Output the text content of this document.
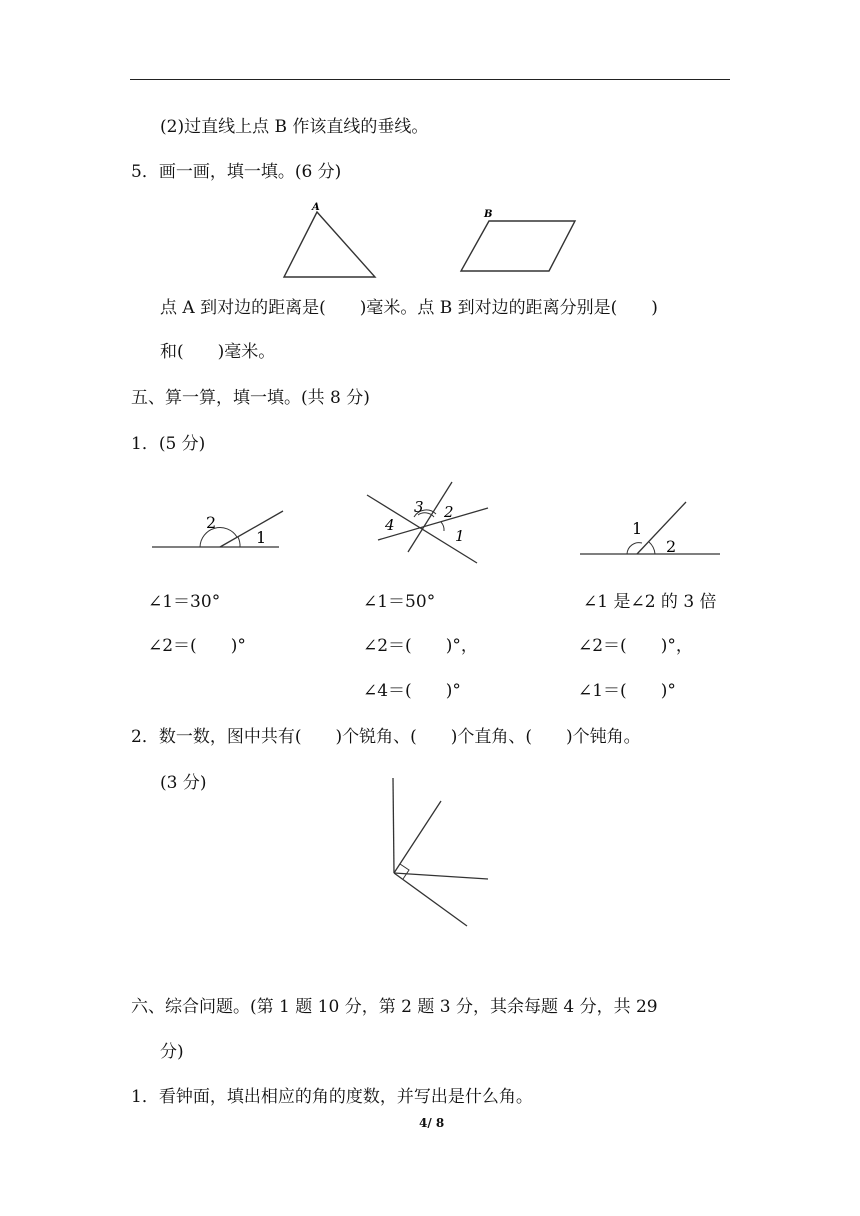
(2)过直线上点 B 作该直线的垂线。
5．画一画，填一填。(6 分)
A
B
点 A 到对边的距离是(　　)毫米。点 B 到对边的距离分别是(　　)
和(　　)毫米。
五、算一算，填一填。(共 8 分)
1．(5 分)
2
1
3 2
4
1	1
2
∠1＝30°
∠2＝(　　)°
∠1＝50°
∠2＝(　　)°，
∠4＝(　　)°
∠1 是∠2 的 3 倍
∠2＝(　　)°，
∠1＝(　　)°
2．数一数，图中共有(　　)个锐角、(　　)个直角、(　　)个钝角。
(3 分)
六、综合问题。(第 1 题 10 分，第 2 题 3 分，其余每题 4 分，共 29
分)
1．看钟面，填出相应的角的度数，并写出是什么角。
4/ 8
